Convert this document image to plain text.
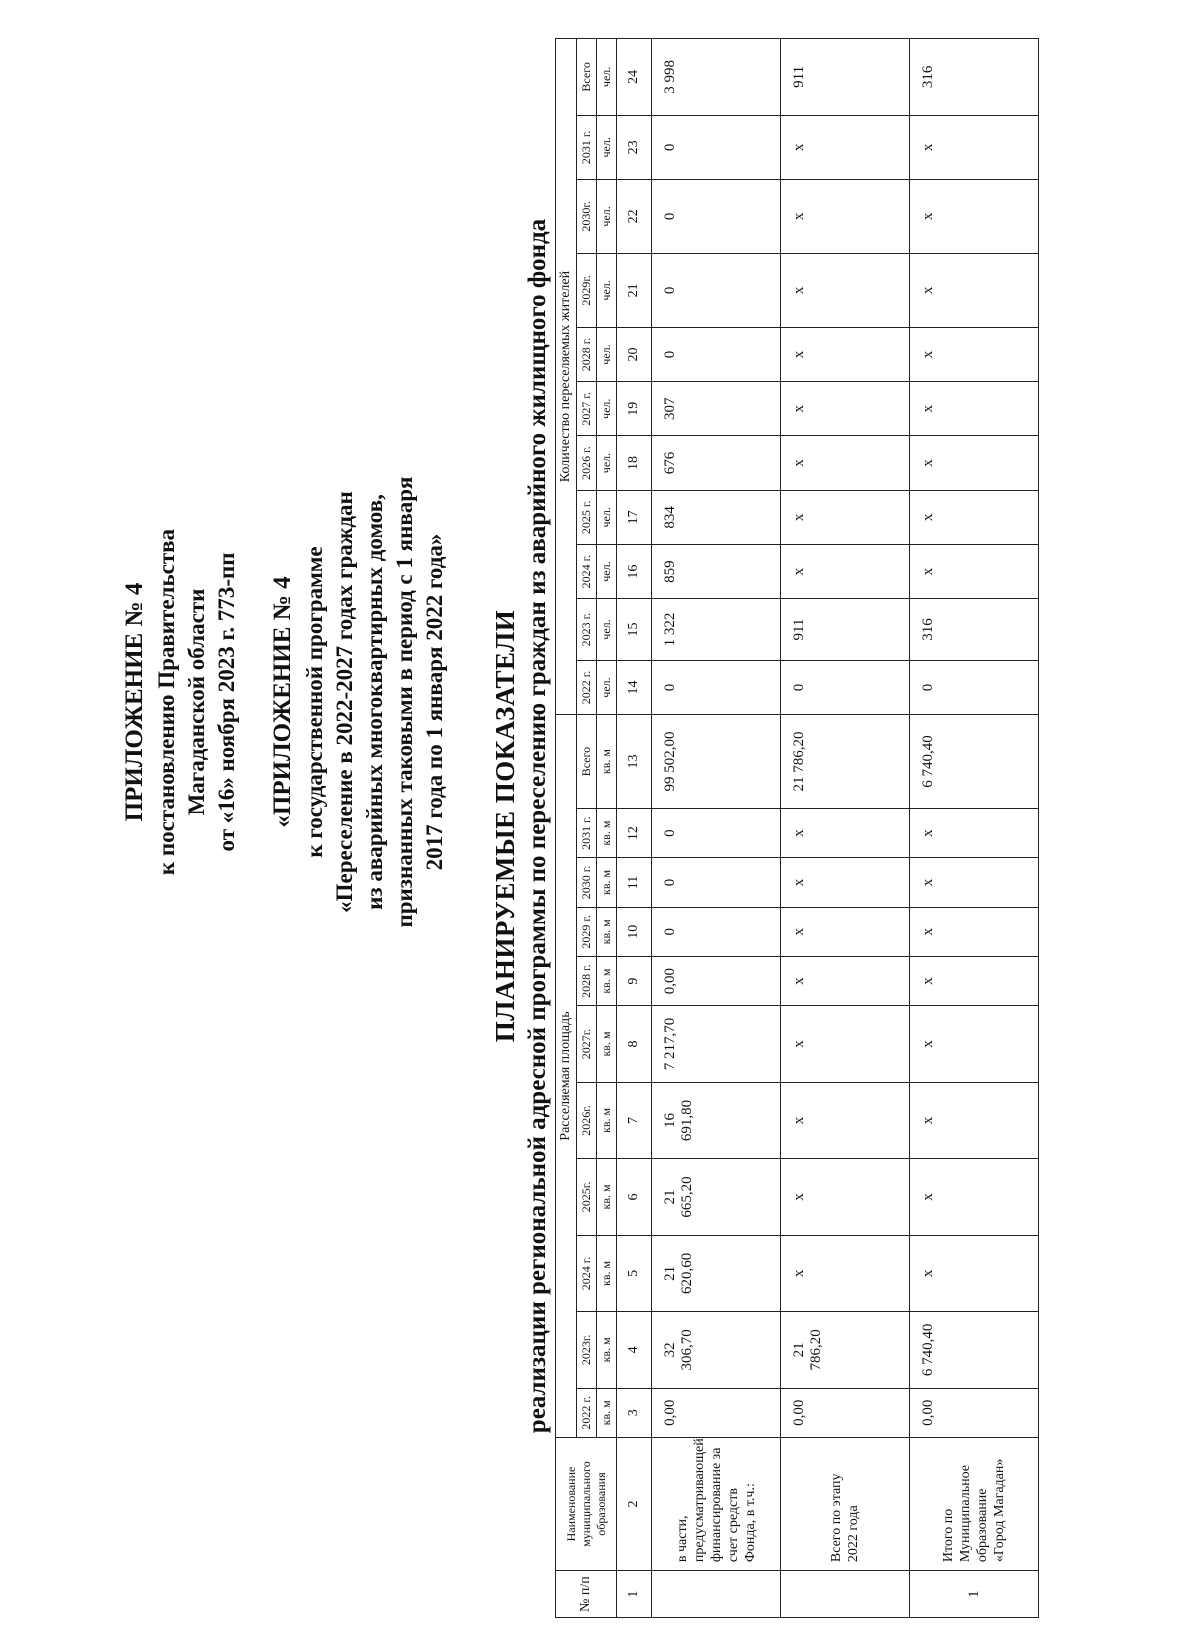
ПРИЛОЖЕНИЕ № 4 к постановлению Правительства Магаданской области от «16» ноября 2023 г. 773-пп «ПРИЛОЖЕНИЕ № 4 к государственной программе «Переселение в 2022-2027 годах граждан из аварийных многоквартирных домов, признанных таковыми в период с 1 января 2017 года по 1 января 2022 года» ПЛАНИРУЕМЫЕ ПОКАЗАТЕЛИ реализации региональной адресной программы по переселению граждан из аварийного жилищного фонда
№ п/п	Наименование муниципального образования	Расселяемая площадь											Количество переселяемых жителей										
		2022 г.	2023г.	2024 г.	2025г.	2026г.	2027г.	2028 г.	2029 г.	2030 г.	2031 г.	Всего	2022 г.	2023 г.	2024 г.	2025 г.	2026 г.	2027 г.	2028 г.	2029г.	2030г.	2031 г.	Всего
		кв. м	кв. м	кв. м	кв. м	кв. м	кв. м	кв. м	кв. м	кв. м	кв. м	кв. м	чел.	чел.	чел.	чел.	чел.	чел.	чел.	чел.	чел.	чел.	чел.
1	2	3	4	5	6	7	8	9	10	11	12	13	14	15	16	17	18	19	20	21	22	23	24
	в части, предусматривающей финансирование за счет средств Фонда, в т.ч.:	0,00	32 306,70	21 620,60	21 665,20	16 691,80	7 217,70	0,00	0	0	0	99 502,00	0	1 322	859	834	676	307	0	0	0	0	3 998
	Всего по этапу 2022 года	0,00	21 786,20	x	x	x	x	x	x	x	x	21 786,20	0	911	x	x	x	x	x	x	x	x	911
1	Итого по Муниципальное образование «Город Магадан»	0,00	6 740,40	x	x	x	x	x	x	x	x	6 740,40	0	316	x	x	x	x	x	x	x	x	316
